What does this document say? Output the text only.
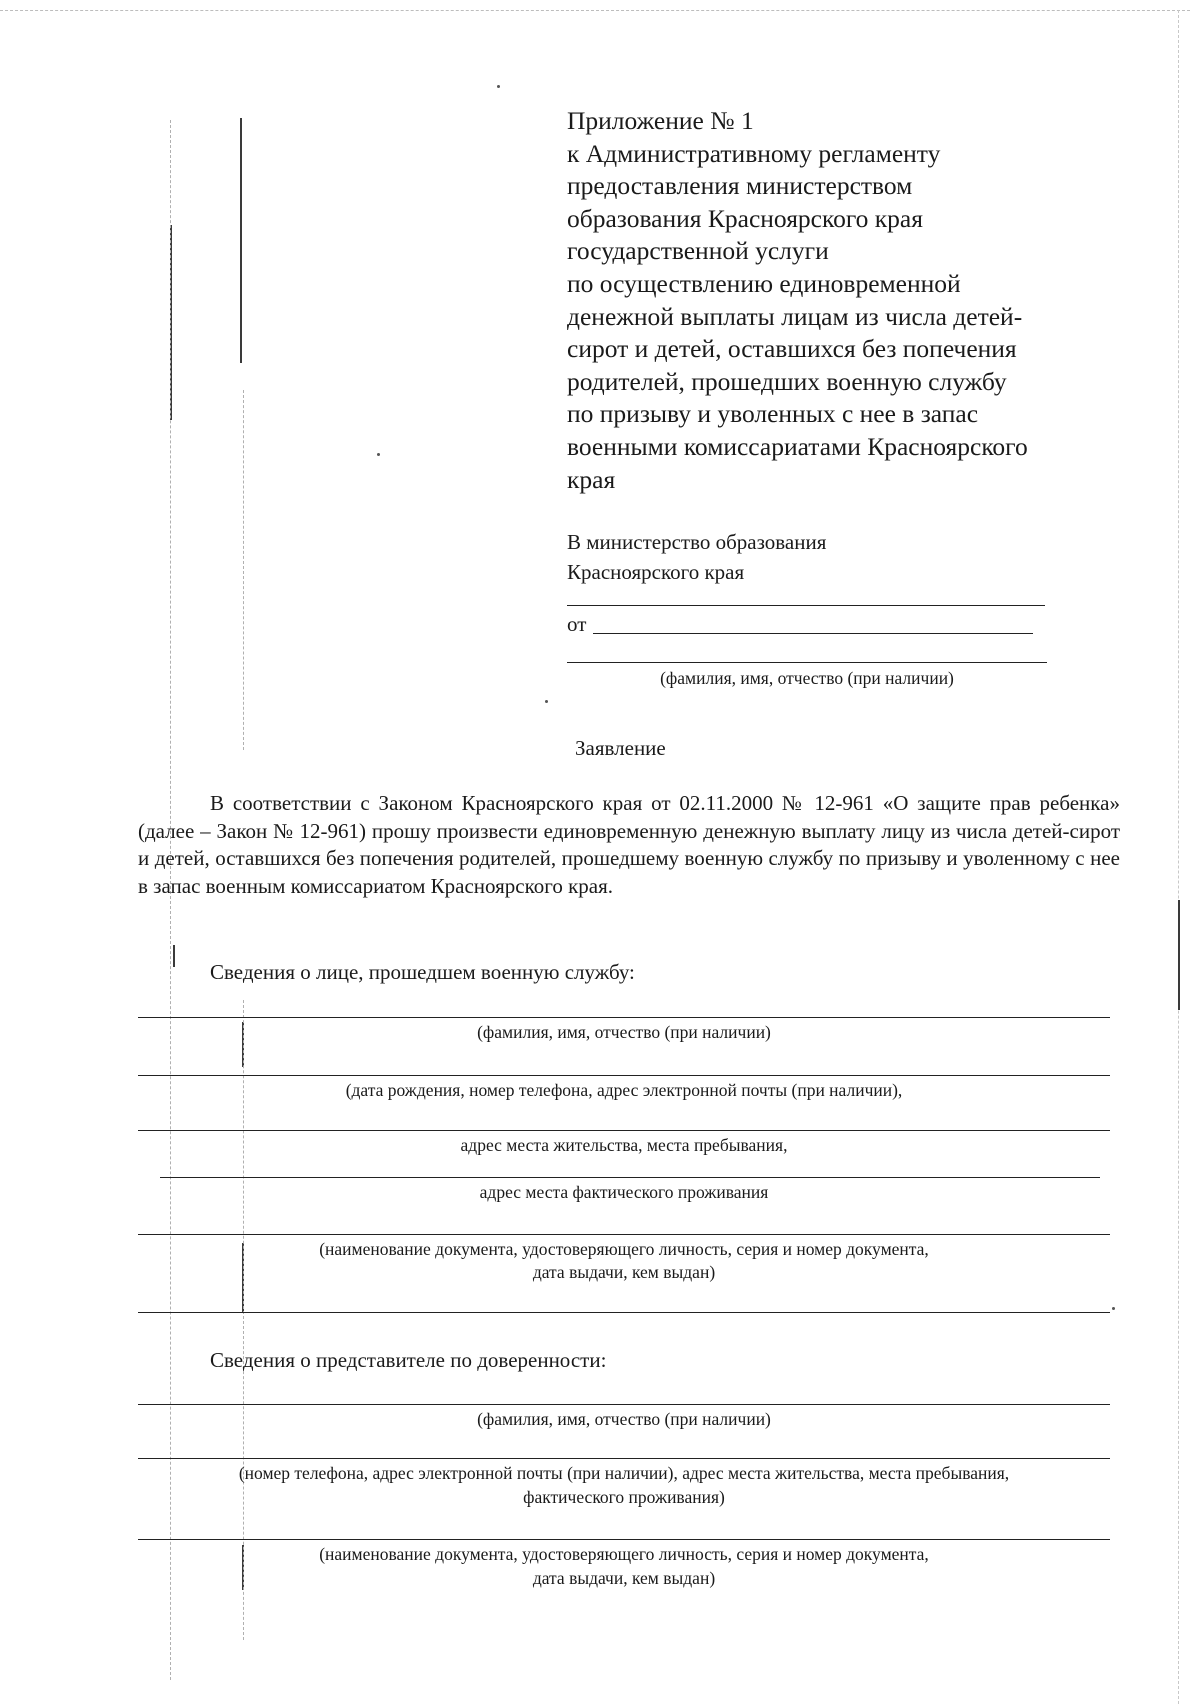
Приложение № 1
к Административному регламенту
предоставления министерством
образования Красноярского края
государственной услуги
по осуществлению единовременной
денежной выплаты лицам из числа детей-
сирот и детей, оставшихся без попечения
родителей, прошедших военную службу
по призыву и уволенных с нее в запас
военными комиссариатами Красноярского
края
В министерство образования
Красноярского края
от
(фамилия, имя, отчество (при наличии)
Заявление
В соответствии с Законом Красноярского края от 02.11.2000 № 12-961 «О защите прав ребенка» (далее – Закон № 12-961) прошу произвести единовременную денежную выплату лицу из числа детей-сирот и детей, оставшихся без попечения родителей, прошедшему военную службу по призыву и уволенному с нее в запас военным комиссариатом Красноярского края.
Сведения о лице, прошедшем военную службу:
(фамилия, имя, отчество (при наличии)
(дата рождения, номер телефона, адрес электронной почты (при наличии),
адрес места жительства, места пребывания,
адрес места фактического проживания
(наименование документа, удостоверяющего личность, серия и номер документа,
дата выдачи, кем выдан)
Сведения о представителе по доверенности:
(фамилия, имя, отчество (при наличии)
(номер телефона, адрес электронной почты (при наличии), адрес места жительства, места пребывания,
фактического проживания)
(наименование документа, удостоверяющего личность, серия и номер документа,
дата выдачи, кем выдан)
